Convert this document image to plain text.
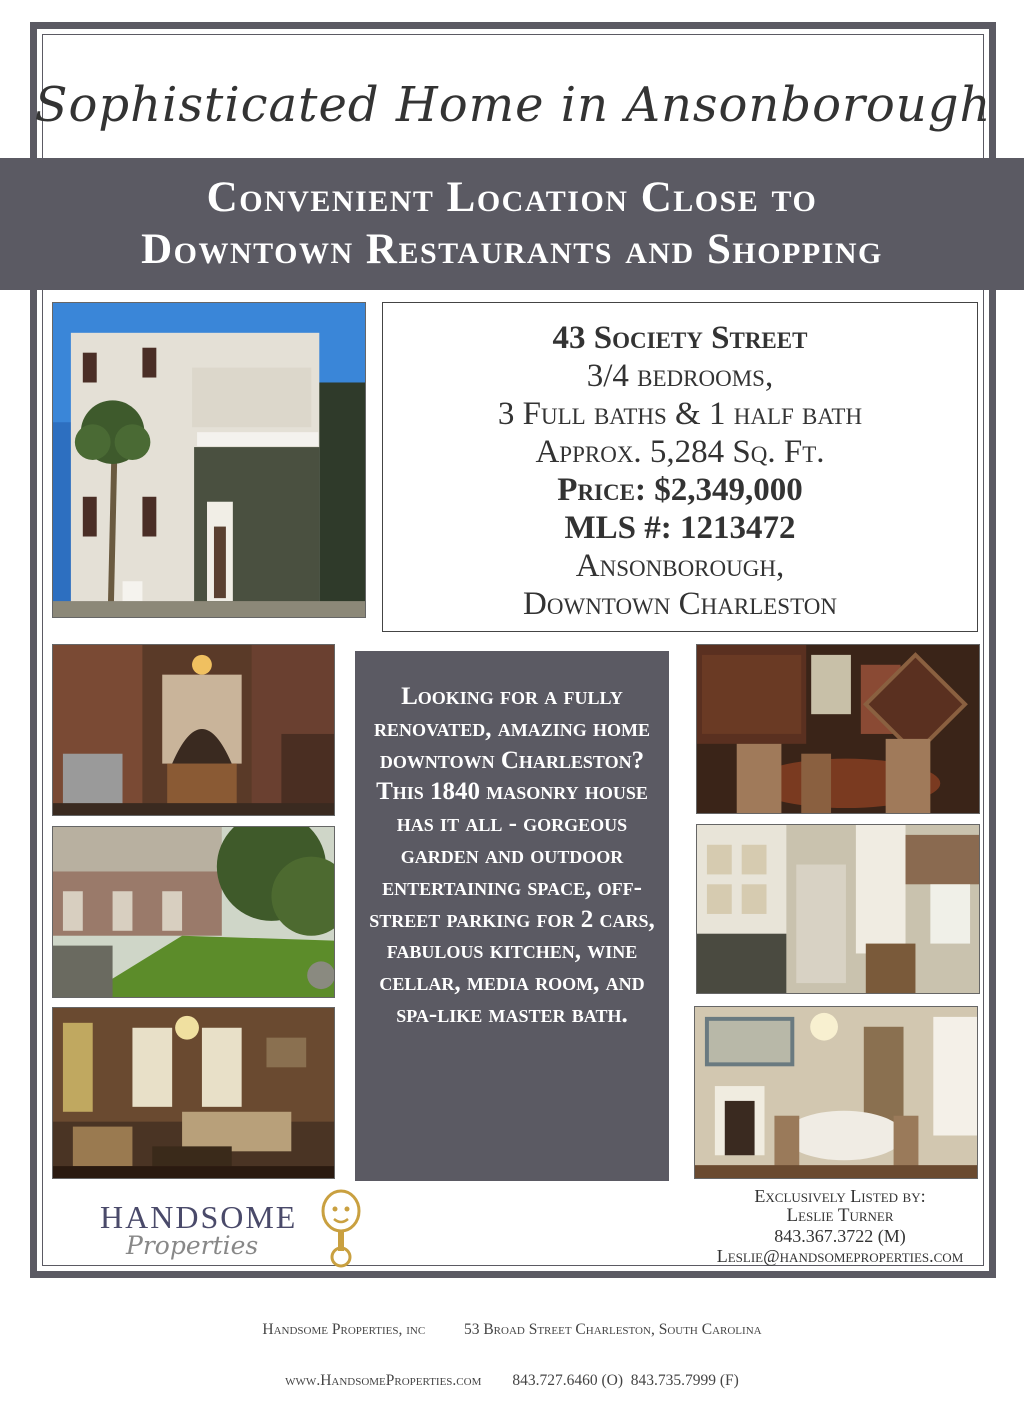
Sophisticated Home in Ansonborough
Convenient Location Close to
Downtown Restaurants and Shopping
43 Society Street
3/4 bedrooms,
3 Full baths & 1 half bath
Approx. 5,284 Sq. Ft.
Price: $2,349,000
MLS #: 1213472
Ansonborough,
Downtown Charleston
Looking for a fully renovated, amazing home downtown Charleston? This 1840 masonry house has it all - gorgeous garden and outdoor entertaining space, off-street parking for 2 cars, fabulous kitchen, wine cellar, media room, and spa-like master bath.
HANDSOME
Properties
Exclusively Listed by:
Leslie Turner
843.367.3722 (M)
Leslie@handsomeproperties.com

Handsome Properties, inc	53 Broad Street Charleston, South Carolina

www.HandsomeProperties.com 843.727.6460 (O)  843.735.7999 (F)
